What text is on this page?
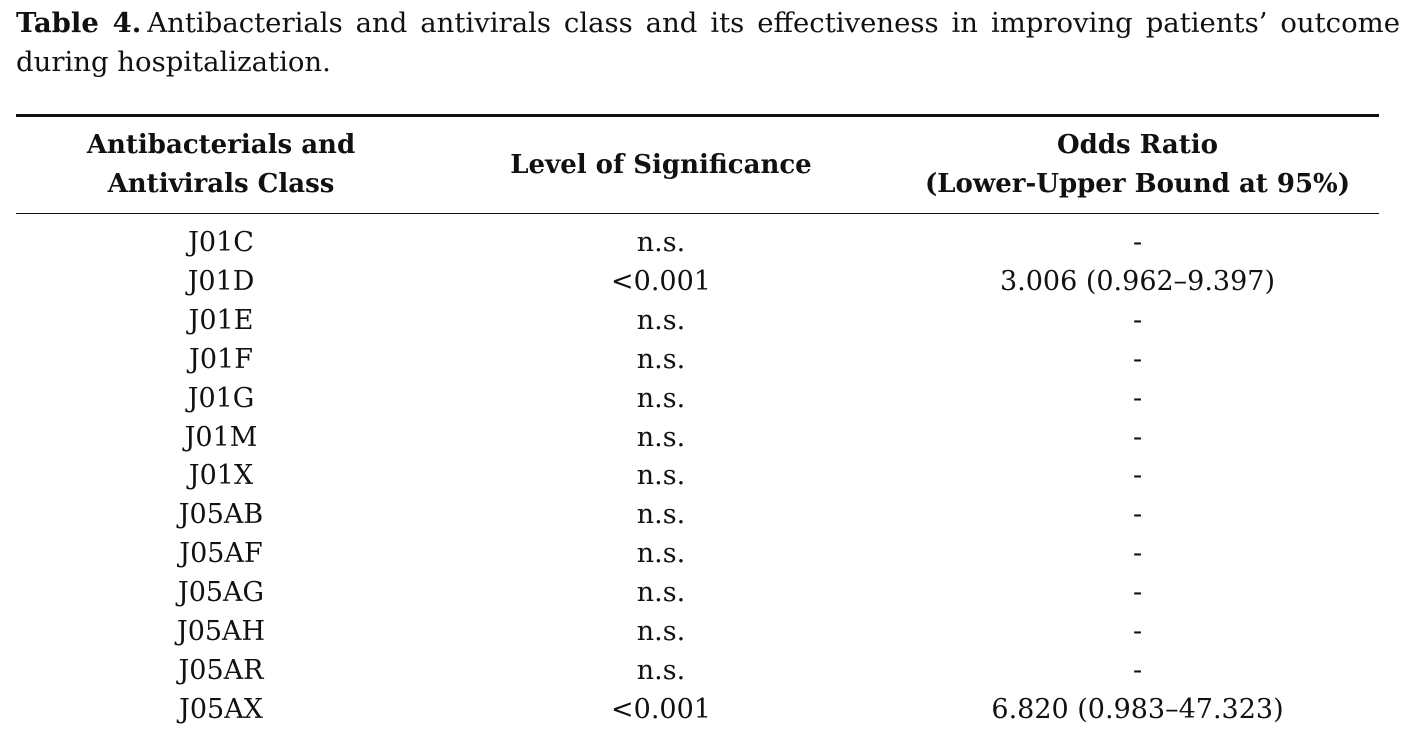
Table 4. Antibacterials and antivirals class and its effectiveness in improving patients’ outcome during hospitalization.
Antibacterials and
Antivirals Class	Level of Significance	Odds Ratio
(Lower-Upper Bound at 95%)

J01C	n.s.	-
J01D	<0.001	3.006 (0.962–9.397)
J01E	n.s.	-
J01F	n.s.	-
J01G	n.s.	-
J01M	n.s.	-
J01X	n.s.	-
J05AB	n.s.	-
J05AF	n.s.	-
J05AG	n.s.	-
J05AH	n.s.	-
J05AR	n.s.	-
J05AX	<0.001	6.820 (0.983–47.323)
